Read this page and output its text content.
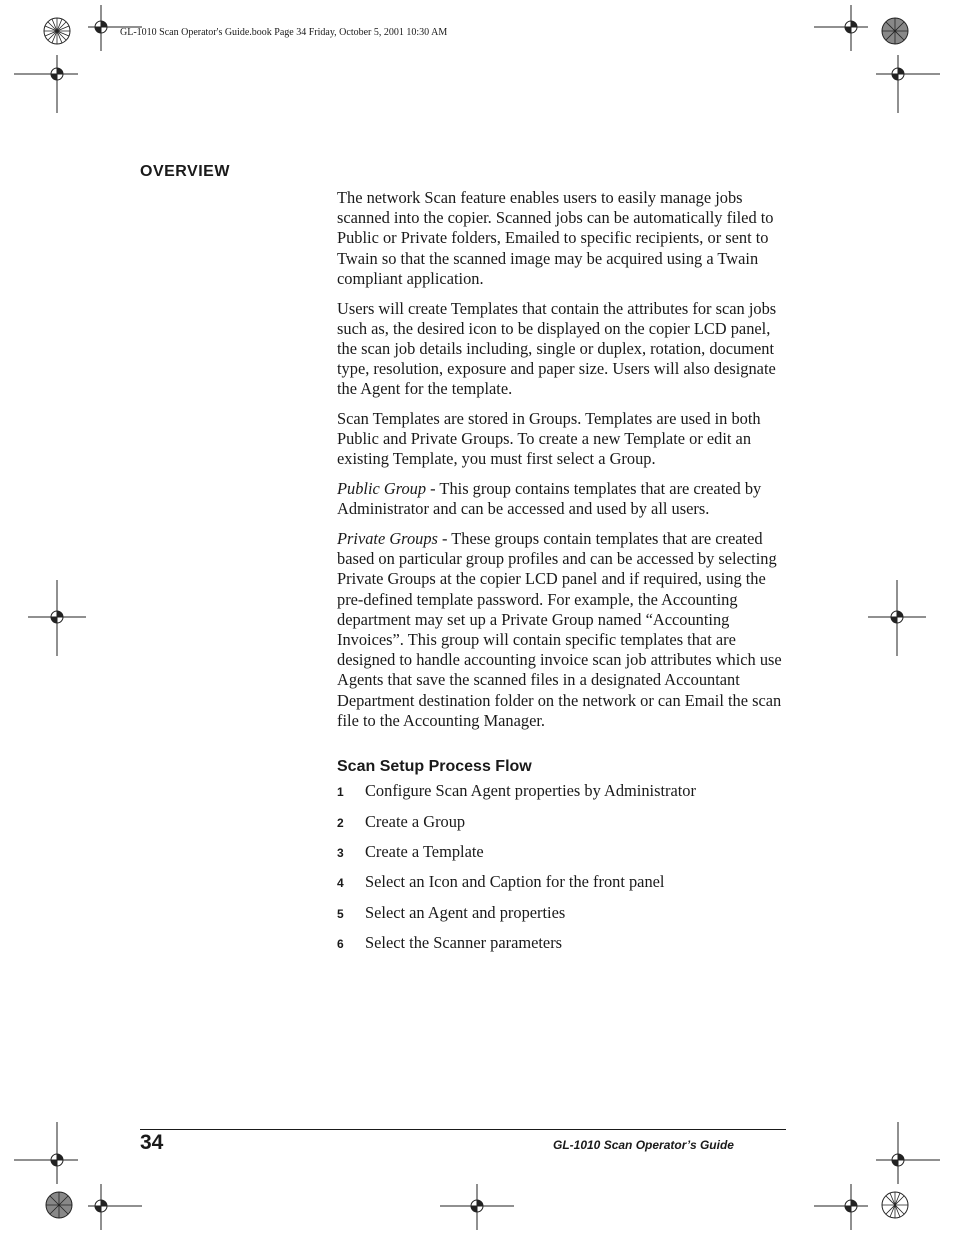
GL-1010 Scan Operator's Guide.book Page 34 Friday, October 5, 2001 10:30 AM
OVERVIEW

The network Scan feature enables users to easily manage jobs scanned into the copier. Scanned jobs can be automatically filed to Public or Private folders, Emailed to specific recipients, or sent to Twain so that the scanned image may be acquired using a Twain compliant application.

Users will create Templates that contain the attributes for scan jobs such as, the desired icon to be displayed on the copier LCD panel, the scan job details including, single or duplex, rotation, document type, resolution, exposure and paper size. Users will also designate the Agent for the template.

Scan Templates are stored in Groups. Templates are used in both Public and Private Groups. To create a new Template or edit an existing Template, you must first select a Group.

Public Group - This group contains templates that are created by Administrator and can be accessed and used by all users.

Private Groups - These groups contain templates that are created based on particular group profiles and can be accessed by selecting Private Groups at the copier LCD panel and if required, using the pre-defined template password. For example, the Accounting department may set up a Private Group named “Accounting Invoices”. This group will contain specific templates that are designed to handle accounting invoice scan job attributes which use Agents that save the scanned files in a designated Accountant Department destination folder on the network or can Email the scan file to the Accounting Manager.

Scan Setup Process Flow
1	Configure Scan Agent properties by Administrator
2	Create a Group
3	Create a Template
4	Select an Icon and Caption for the front panel
5	Select an Agent and properties
6	Select the Scanner parameters
34	GL-1010 Scan Operator’s Guide
